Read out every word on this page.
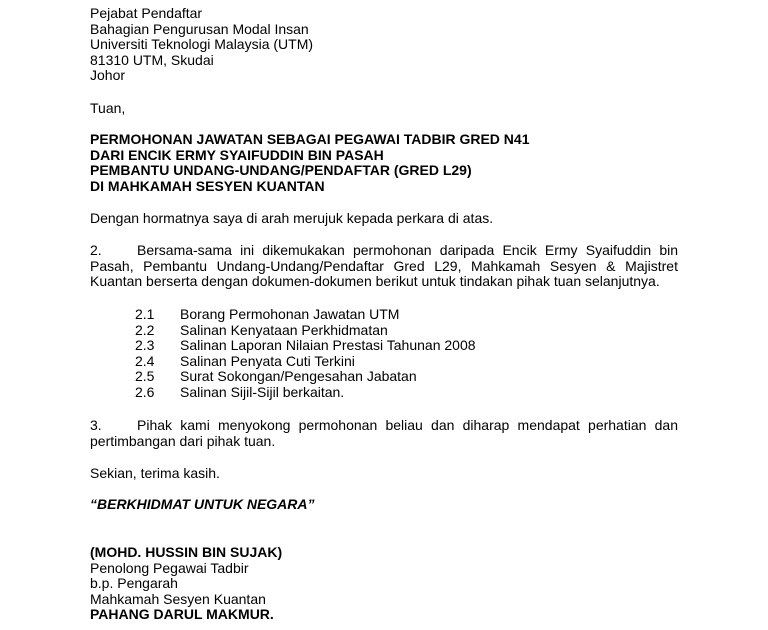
Pejabat Pendaftar
Bahagian Pengurusan Modal Insan
Universiti Teknologi Malaysia (UTM)
81310 UTM, Skudai
Johor
Tuan,
PERMOHONAN JAWATAN SEBAGAI PEGAWAI TADBIR GRED N41
DARI ENCIK ERMY SYAIFUDDIN BIN PASAH
PEMBANTU UNDANG-UNDANG/PENDAFTAR (GRED L29)
DI MAHKAMAH SESYEN KUANTAN
Dengan hormatnya saya di arah merujuk kepada perkara di atas.
2.	Bersama-sama ini dikemukakan permohonan daripada Encik Ermy Syaifuddin bin Pasah, Pembantu Undang-Undang/Pendaftar Gred L29, Mahkamah Sesyen & Majistret Kuantan berserta dengan dokumen-dokumen berikut untuk tindakan pihak tuan selanjutnya.
2.1 Borang Permohonan Jawatan UTM
2.2 Salinan Kenyataan Perkhidmatan
2.3 Salinan Laporan Nilaian Prestasi Tahunan 2008
2.4 Salinan Penyata Cuti Terkini
2.5 Surat Sokongan/Pengesahan Jabatan
2.6 Salinan Sijil-Sijil berkaitan.
3.	Pihak kami menyokong permohonan beliau dan diharap mendapat perhatian dan pertimbangan dari pihak tuan.
Sekian, terima kasih.
“BERKHIDMAT UNTUK NEGARA”
(MOHD. HUSSIN BIN SUJAK)
Penolong Pegawai Tadbir
b.p. Pengarah
Mahkamah Sesyen Kuantan
PAHANG DARUL MAKMUR.
